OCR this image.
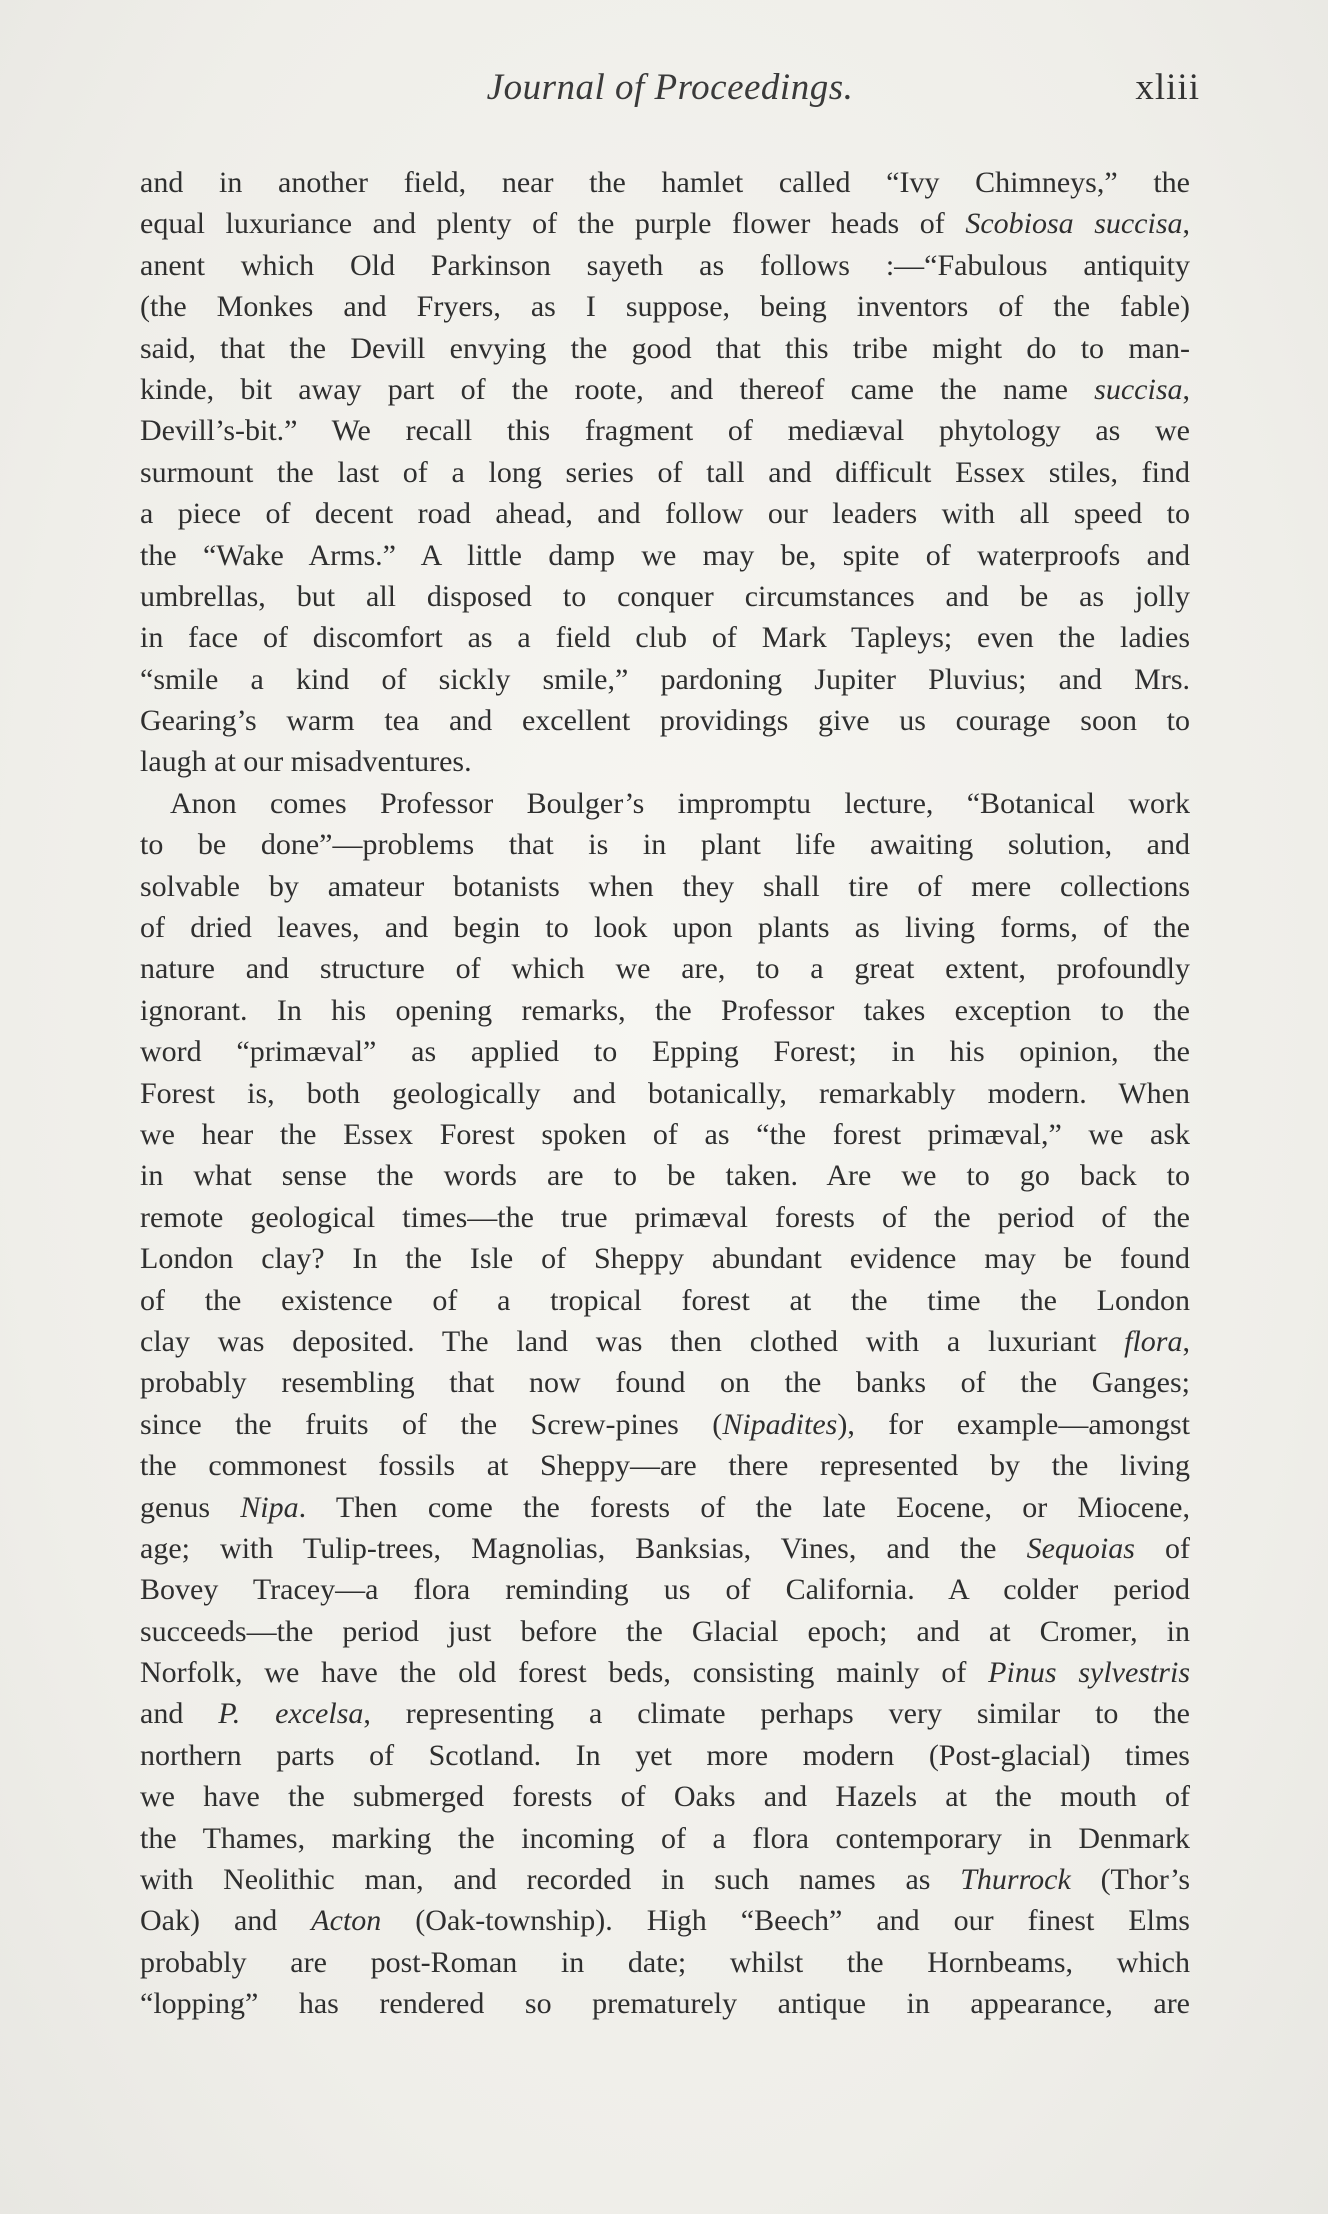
Journal of Proceedings.	xliii
and in another field, near the hamlet called “Ivy Chimneys,” the
equal luxuriance and plenty of the purple flower heads of Scobiosa succisa,
anent which Old Parkinson sayeth as follows :—“Fabulous antiquity
(the Monkes and Fryers, as I suppose, being inventors of the fable)
said, that the Devill envying the good that this tribe might do to man-
kinde, bit away part of the roote, and thereof came the name succisa,
Devill’s-bit.” We recall this fragment of mediæval phytology as we
surmount the last of a long series of tall and difficult Essex stiles, find
a piece of decent road ahead, and follow our leaders with all speed to
the “Wake Arms.” A little damp we may be, spite of waterproofs and
umbrellas, but all disposed to conquer circumstances and be as jolly
in face of discomfort as a field club of Mark Tapleys; even the ladies
“smile a kind of sickly smile,” pardoning Jupiter Pluvius; and Mrs.
Gearing’s warm tea and excellent providings give us courage soon to
laugh at our misadventures.
Anon comes Professor Boulger’s impromptu lecture, “Botanical work
to be done”—problems that is in plant life awaiting solution, and
solvable by amateur botanists when they shall tire of mere collections
of dried leaves, and begin to look upon plants as living forms, of the
nature and structure of which we are, to a great extent, profoundly
ignorant. In his opening remarks, the Professor takes exception to the
word “primæval” as applied to Epping Forest; in his opinion, the
Forest is, both geologically and botanically, remarkably modern. When
we hear the Essex Forest spoken of as “the forest primæval,” we ask
in what sense the words are to be taken. Are we to go back to
remote geological times—the true primæval forests of the period of the
London clay? In the Isle of Sheppy abundant evidence may be found
of the existence of a tropical forest at the time the London
clay was deposited. The land was then clothed with a luxuriant flora,
probably resembling that now found on the banks of the Ganges;
since the fruits of the Screw-pines (Nipadites), for example—amongst
the commonest fossils at Sheppy—are there represented by the living
genus Nipa. Then come the forests of the late Eocene, or Miocene,
age; with Tulip-trees, Magnolias, Banksias, Vines, and the Sequoias of
Bovey Tracey—a flora reminding us of California. A colder period
succeeds—the period just before the Glacial epoch; and at Cromer, in
Norfolk, we have the old forest beds, consisting mainly of Pinus sylvestris
and P. excelsa, representing a climate perhaps very similar to the
northern parts of Scotland. In yet more modern (Post-glacial) times
we have the submerged forests of Oaks and Hazels at the mouth of
the Thames, marking the incoming of a flora contemporary in Denmark
with Neolithic man, and recorded in such names as Thurrock (Thor’s
Oak) and Acton (Oak-township). High “Beech” and our finest Elms
probably are post-Roman in date; whilst the Hornbeams, which
“lopping” has rendered so prematurely antique in appearance, are
